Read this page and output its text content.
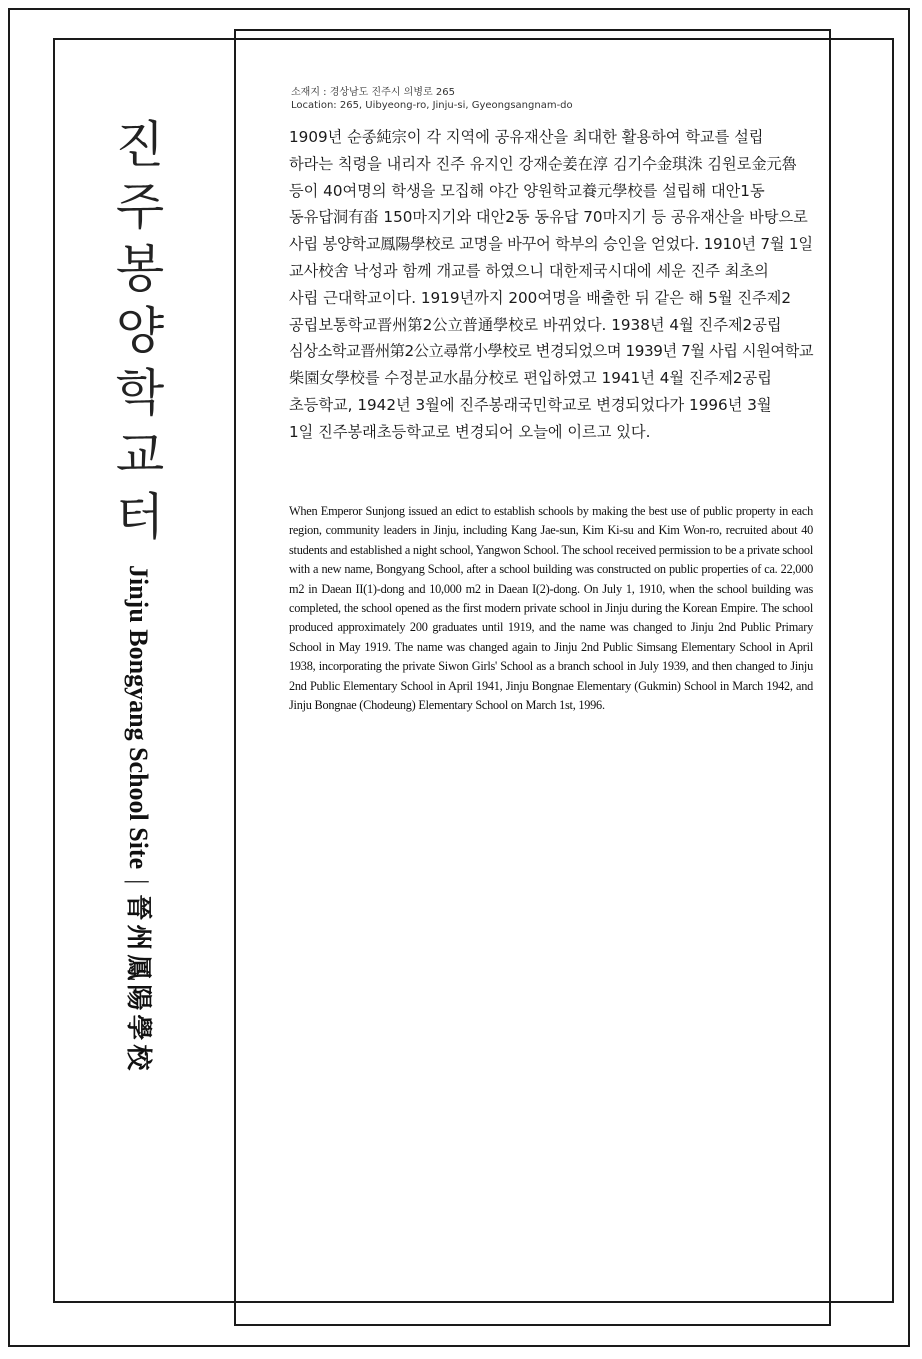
진
주
봉
양
학
교
터
Jinju Bongyang School Site|晉州鳳陽學校
소재지 : 경상남도 진주시 의병로 265
Location: 265, Uibyeong-ro, Jinju-si, Gyeongsangnam-do
1909년 순종純宗이 각 지역에 공유재산을 최대한 활용하여 학교를 설립
하라는 칙령을 내리자 진주 유지인 강재순姜在淳 김기수金琪洙 김원로金元魯
등이 40여명의 학생을 모집해 야간 양원학교養元學校를 설립해 대안1동
동유답洞有畓 150마지기와 대안2동 동유답 70마지기 등 공유재산을 바탕으로
사립 봉양학교鳳陽學校로 교명을 바꾸어 학부의 승인을 얻었다. 1910년 7월 1일
교사校舍 낙성과 함께 개교를 하였으니 대한제국시대에 세운 진주 최초의
사립 근대학교이다. 1919년까지 200여명을 배출한 뒤 같은 해 5월 진주제2
공립보통학교晋州第2公立普通學校로 바뀌었다. 1938년 4월 진주제2공립
심상소학교晋州第2公立尋常小學校로 변경되었으며 1939년 7월 사립 시원여학교
柴園女學校를 수정분교水晶分校로 편입하였고 1941년 4월 진주제2공립
초등학교, 1942년 3월에 진주봉래국민학교로 변경되었다가 1996년 3월
1일 진주봉래초등학교로 변경되어 오늘에 이르고 있다.
When Emperor Sunjong issued an edict to establish schools by making the best use of public property in each region, community leaders in Jinju, including Kang Jae-sun, Kim Ki-su and Kim Won-ro, recruited about 40 students and established a night school, Yangwon School. The school received permission to be a private school with a new name, Bongyang School, after a school building was constructed on public properties of ca. 22,000 m2 in Daean II(1)-dong and 10,000 m2 in Daean I(2)-dong. On July 1, 1910, when the school building was completed, the school opened as the first modern private school in Jinju during the Korean Empire. The school produced approximately 200 graduates until 1919, and the name was changed to Jinju 2nd Public Primary School in May 1919. The name was changed again to Jinju 2nd Public Simsang Elementary School in April 1938, incorporating the private Siwon Girls' School as a branch school in July 1939, and then changed to Jinju 2nd Public Elementary School in April 1941, Jinju Bongnae Elementary (Gukmin) School in March 1942, and Jinju Bongnae (Chodeung) Elementary School on March 1st, 1996.
